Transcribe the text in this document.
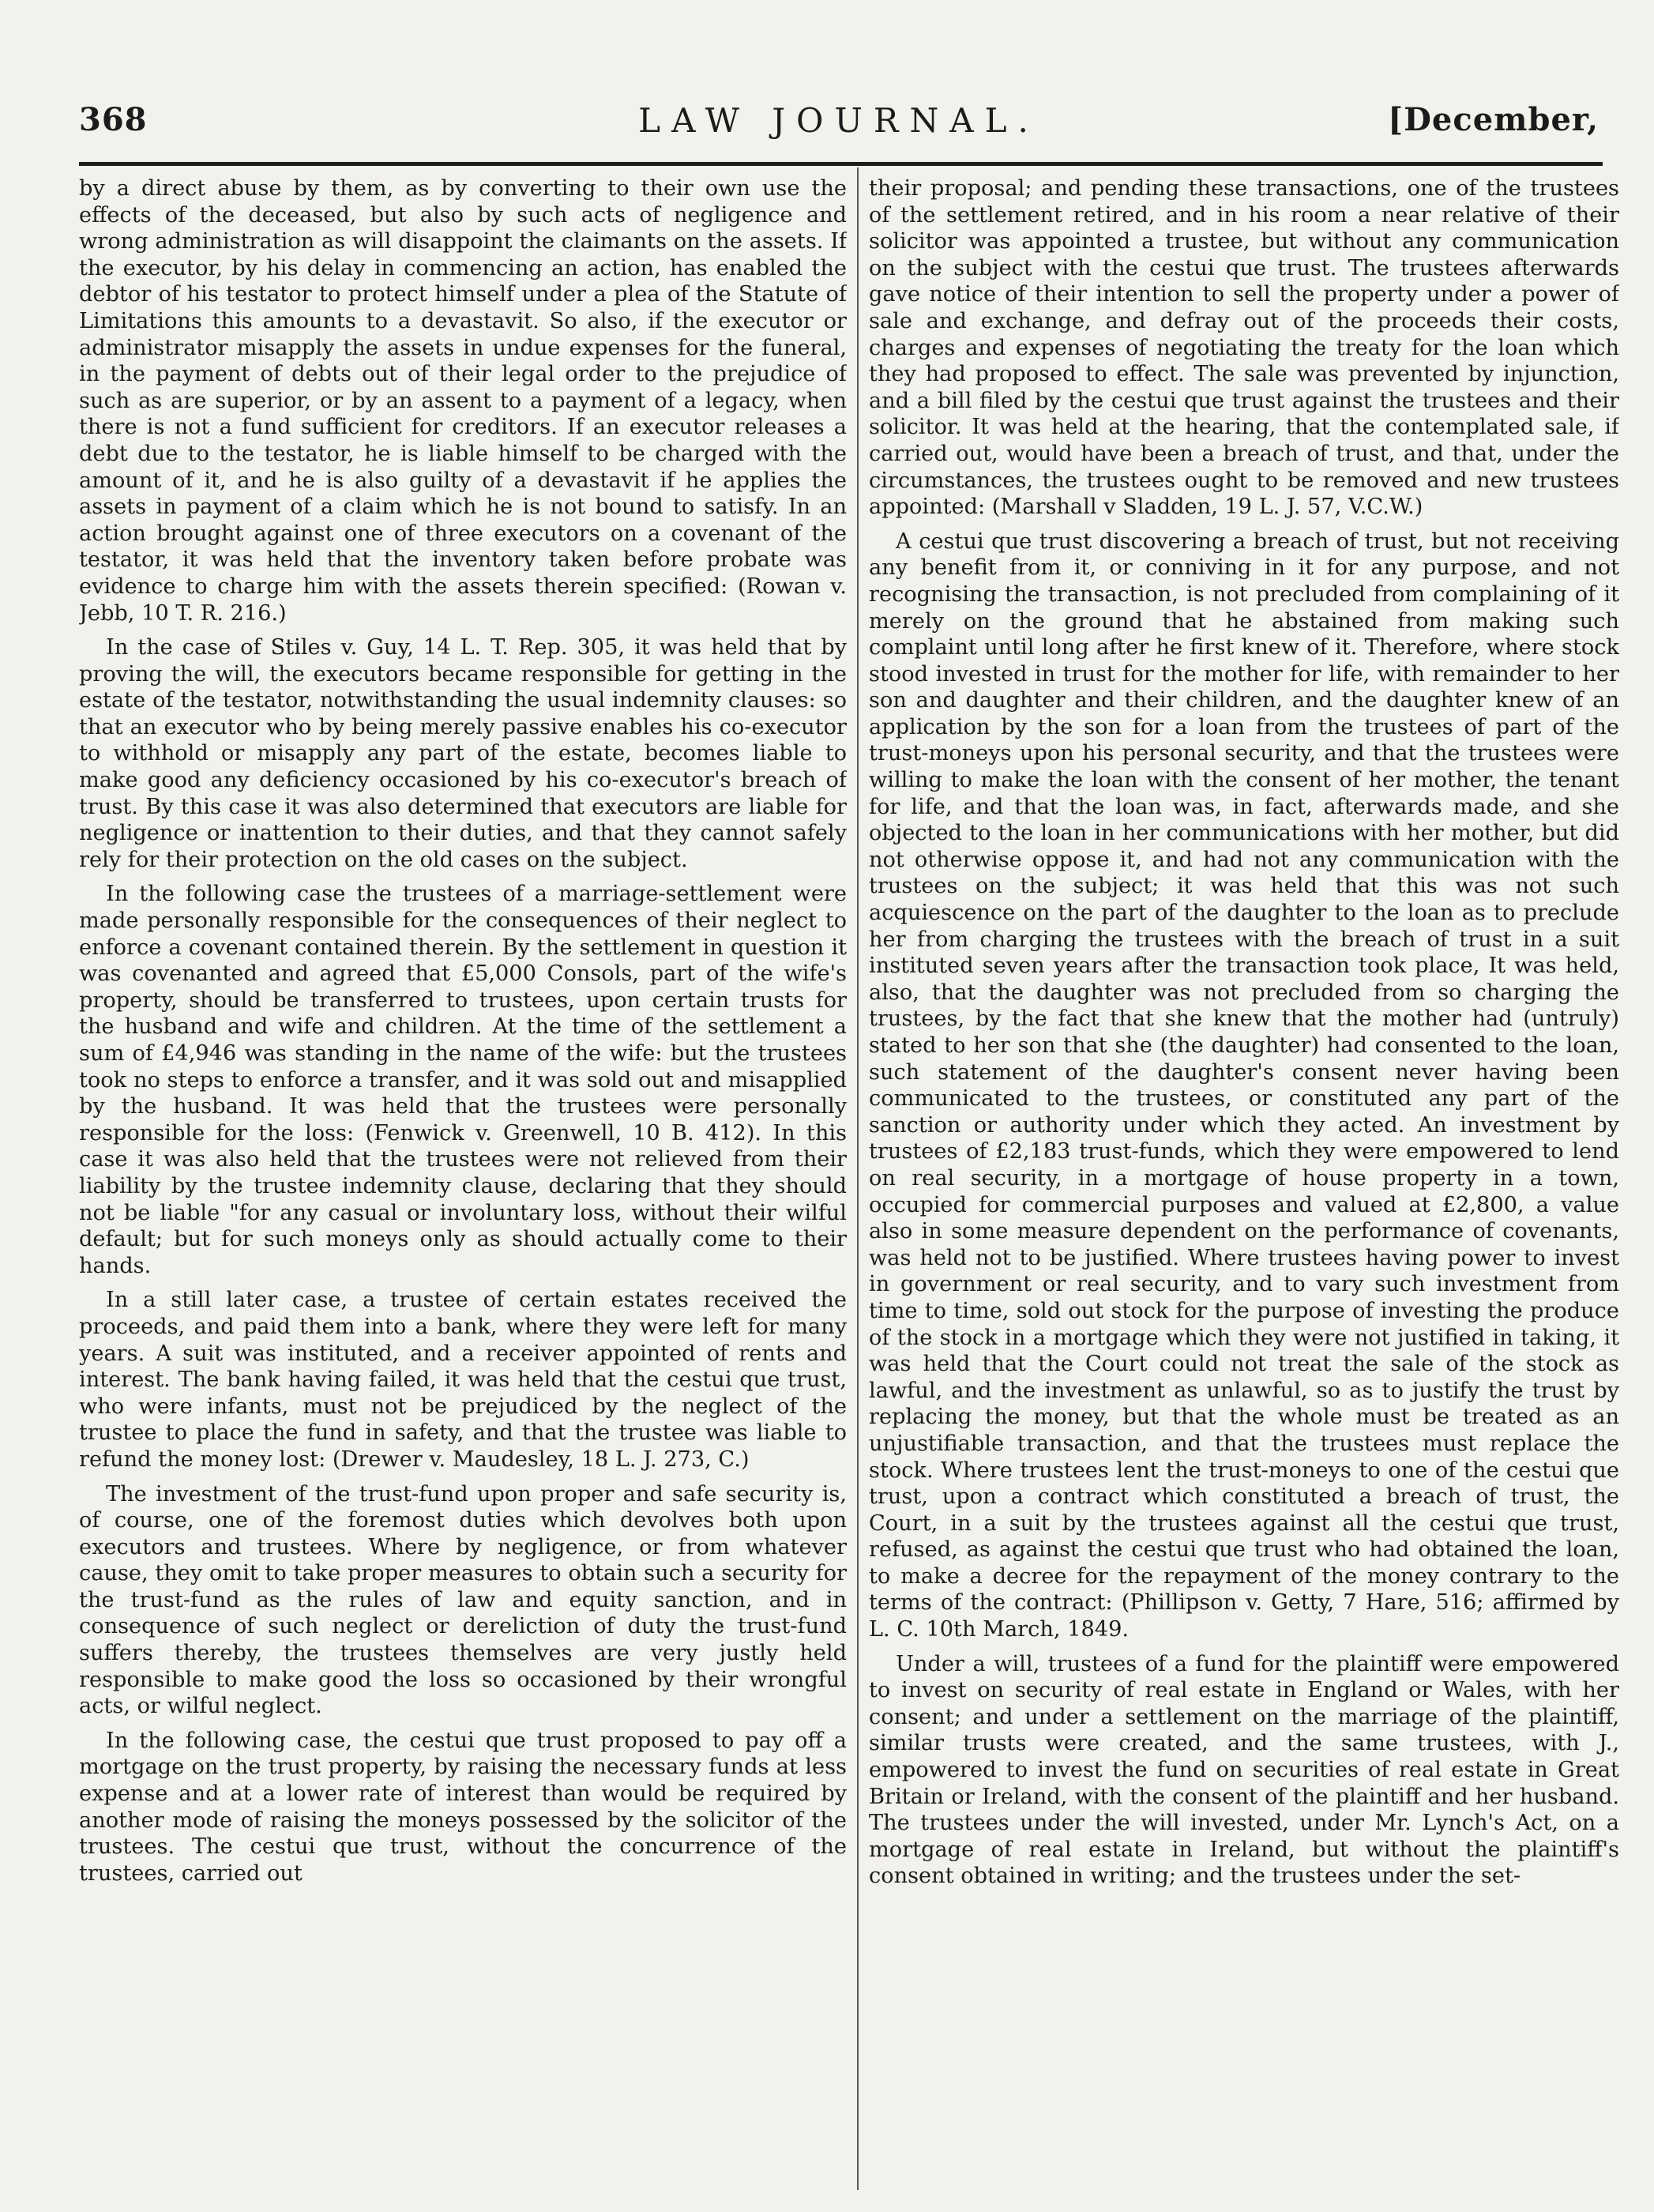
368	LAW JOURNAL.	[December,

by a direct abuse by them, as by converting to their own use the effects of the deceased, but also by such acts of negligence and wrong administration as will disappoint the claimants on the assets. If the executor, by his delay in commencing an action, has enabled the debtor of his testator to protect himself under a plea of the Statute of Limitations this amounts to a devastavit. So also, if the executor or administrator misapply the assets in undue expenses for the funeral, in the payment of debts out of their legal order to the prejudice of such as are superior, or by an assent to a payment of a legacy, when there is not a fund sufficient for creditors. If an executor releases a debt due to the testator, he is liable himself to be charged with the amount of it, and he is also guilty of a devastavit if he applies the assets in payment of a claim which he is not bound to satisfy. In an action brought against one of three executors on a covenant of the testator, it was held that the inventory taken before probate was evidence to charge him with the assets therein specified: (Rowan v. Jebb, 10 T. R. 216.)

In the case of Stiles v. Guy, 14 L. T. Rep. 305, it was held that by proving the will, the executors became responsible for getting in the estate of the testator, notwithstanding the usual indemnity clauses: so that an executor who by being merely passive enables his co-executor to withhold or misapply any part of the estate, becomes liable to make good any deficiency occasioned by his co-executor's breach of trust. By this case it was also determined that executors are liable for negligence or inattention to their duties, and that they cannot safely rely for their protection on the old cases on the subject.

In the following case the trustees of a marriage-settlement were made personally responsible for the consequences of their neglect to enforce a covenant contained therein. By the settlement in question it was covenanted and agreed that £5,000 Consols, part of the wife's property, should be transferred to trustees, upon certain trusts for the husband and wife and children. At the time of the settlement a sum of £4,946 was standing in the name of the wife: but the trustees took no steps to enforce a transfer, and it was sold out and misapplied by the husband. It was held that the trustees were personally responsible for the loss: (Fenwick v. Greenwell, 10 B. 412). In this case it was also held that the trustees were not relieved from their liability by the trustee indemnity clause, declaring that they should not be liable "for any casual or involuntary loss, without their wilful default; but for such moneys only as should actually come to their hands.

In a still later case, a trustee of certain estates received the proceeds, and paid them into a bank, where they were left for many years. A suit was instituted, and a receiver appointed of rents and interest. The bank having failed, it was held that the cestui que trust, who were infants, must not be prejudiced by the neglect of the trustee to place the fund in safety, and that the trustee was liable to refund the money lost: (Drewer v. Maudesley, 18 L. J. 273, C.)

The investment of the trust-fund upon proper and safe security is, of course, one of the foremost duties which devolves both upon executors and trustees. Where by negligence, or from whatever cause, they omit to take proper measures to obtain such a security for the trust-fund as the rules of law and equity sanction, and in consequence of such neglect or dereliction of duty the trust-fund suffers thereby, the trustees themselves are very justly held responsible to make good the loss so occasioned by their wrongful acts, or wilful neglect.

In the following case, the cestui que trust proposed to pay off a mortgage on the trust property, by raising the necessary funds at less expense and at a lower rate of interest than would be required by another mode of raising the moneys possessed by the solicitor of the trustees. The cestui que trust, without the concurrence of the trustees, carried out

their proposal; and pending these transactions, one of the trustees of the settlement retired, and in his room a near relative of their solicitor was appointed a trustee, but without any communication on the subject with the cestui que trust. The trustees afterwards gave notice of their intention to sell the property under a power of sale and exchange, and defray out of the proceeds their costs, charges and expenses of negotiating the treaty for the loan which they had proposed to effect. The sale was prevented by injunction, and a bill filed by the cestui que trust against the trustees and their solicitor. It was held at the hearing, that the contemplated sale, if carried out, would have been a breach of trust, and that, under the circumstances, the trustees ought to be removed and new trustees appointed: (Marshall v Sladden, 19 L. J. 57, V.C.W.)

A cestui que trust discovering a breach of trust, but not receiving any benefit from it, or conniving in it for any purpose, and not recognising the transaction, is not precluded from complaining of it merely on the ground that he abstained from making such complaint until long after he first knew of it. Therefore, where stock stood invested in trust for the mother for life, with remainder to her son and daughter and their children, and the daughter knew of an application by the son for a loan from the trustees of part of the trust-moneys upon his personal security, and that the trustees were willing to make the loan with the consent of her mother, the tenant for life, and that the loan was, in fact, afterwards made, and she objected to the loan in her communications with her mother, but did not otherwise oppose it, and had not any communication with the trustees on the subject; it was held that this was not such acquiescence on the part of the daughter to the loan as to preclude her from charging the trustees with the breach of trust in a suit instituted seven years after the transaction took place, It was held, also, that the daughter was not precluded from so charging the trustees, by the fact that she knew that the mother had (untruly) stated to her son that she (the daughter) had consented to the loan, such statement of the daughter's consent never having been communicated to the trustees, or constituted any part of the sanction or authority under which they acted. An investment by trustees of £2,183 trust-funds, which they were empowered to lend on real security, in a mortgage of house property in a town, occupied for commercial purposes and valued at £2,800, a value also in some measure dependent on the performance of covenants, was held not to be justified. Where trustees having power to invest in government or real security, and to vary such investment from time to time, sold out stock for the purpose of investing the produce of the stock in a mortgage which they were not justified in taking, it was held that the Court could not treat the sale of the stock as lawful, and the investment as unlawful, so as to justify the trust by replacing the money, but that the whole must be treated as an unjustifiable transaction, and that the trustees must replace the stock. Where trustees lent the trust-moneys to one of the cestui que trust, upon a contract which constituted a breach of trust, the Court, in a suit by the trustees against all the cestui que trust, refused, as against the cestui que trust who had obtained the loan, to make a decree for the repayment of the money contrary to the terms of the contract: (Phillipson v. Getty, 7 Hare, 516; affirmed by L. C. 10th March, 1849.

Under a will, trustees of a fund for the plaintiff were empowered to invest on security of real estate in England or Wales, with her consent; and under a settlement on the marriage of the plaintiff, similar trusts were created, and the same trustees, with J., empowered to invest the fund on securities of real estate in Great Britain or Ireland, with the consent of the plaintiff and her husband. The trustees under the will invested, under Mr. Lynch's Act, on a mortgage of real estate in Ireland, but without the plaintiff's consent obtained in writing; and the trustees under the set-
